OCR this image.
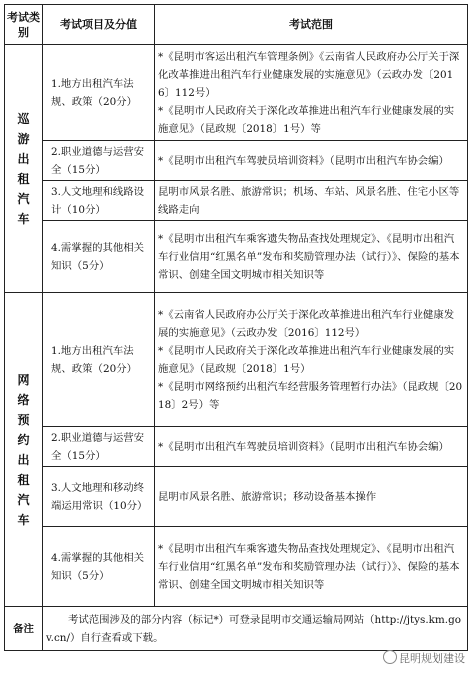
考试类别	考试项目及分值	考试范围
巡游出租汽车	1.地方出租汽车法规、政策（20分）	*《昆明市客运出租汽车管理条例》《云南省人民政府办公厅关于深化改革推进出租汽车行业健康发展的实施意见》（云政办发〔2016〕112号）
*《昆明市人民政府关于深化改革推进出租汽车行业健康发展的实施意见》（昆政规〔2018〕1号）等

	2.职业道德与运营安全（15分）	*《昆明市出租汽车驾驶员培训资料》（昆明市出租汽车协会编）

	3.人文地理和线路设计（10分）	昆明市风景名胜、旅游常识；机场、车站、风景名胜、住宅小区等线路走向

	4.需掌握的其他相关知识（5分）	*《昆明市出租汽车乘客遗失物品查找处理规定》、《昆明市出租汽车行业信用“红黑名单”发布和奖励管理办法（试行）》、保险的基本常识、创建全国文明城市相关知识等

网络预约出租汽车	1.地方出租汽车法规、政策（20分）	*《云南省人民政府办公厅关于深化改革推进出租汽车行业健康发展的实施意见》（云政办发〔2016〕112号）
*《昆明市人民政府关于深化改革推进出租汽车行业健康发展的实施意见》（昆政规〔2018〕1号）
*《昆明市网络预约出租汽车经营服务管理暂行办法》（昆政规〔2018〕2号）等

	2.职业道德与运营安全（15分）	*《昆明市出租汽车驾驶员培训资料》（昆明市出租汽车协会编）

	3.人文地理和移动终端运用常识（10分）	昆明市风景名胜、旅游常识；移动设备基本操作

	4.需掌握的其他相关知识（5分）	*《昆明市出租汽车乘客遗失物品查找处理规定》、《昆明市出租汽车行业信用“红黑名单”发布和奖励管理办法（试行）》、保险的基本常识、创建全国文明城市相关知识等

备注	考试范围涉及的部分内容（标记*）可登录昆明市交通运输局网站（http://jtys.km.gov.cn/）自行查看或下载。	
昆明规划建设
